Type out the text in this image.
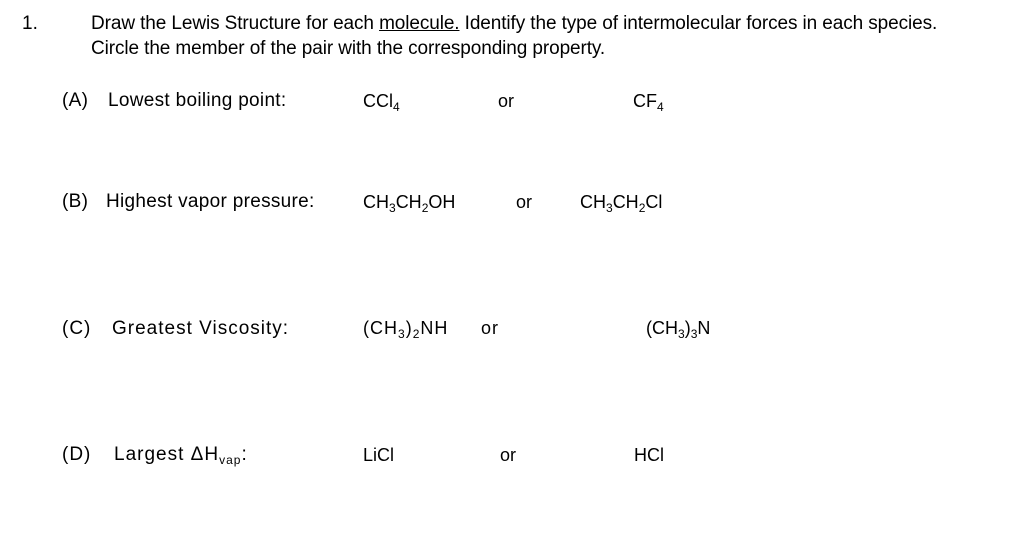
1.	Draw the Lewis Structure for each molecule. Identify the type of intermolecular forces in each species.
Circle the member of the pair with the corresponding property.
(A) Lowest boiling point:	CCl$_4$	or	$CF_4$
(B) Highest vapor pressure:	$CH_3CH_2OH$	or	$CH_3CH_2Cl$
(C) Greatest Viscosity:	$(CH_3)_2NH$ or	$(CH_3)_3N$
(D) Largest $\Delta H_{vap}$:	LiCl	or	HCl
